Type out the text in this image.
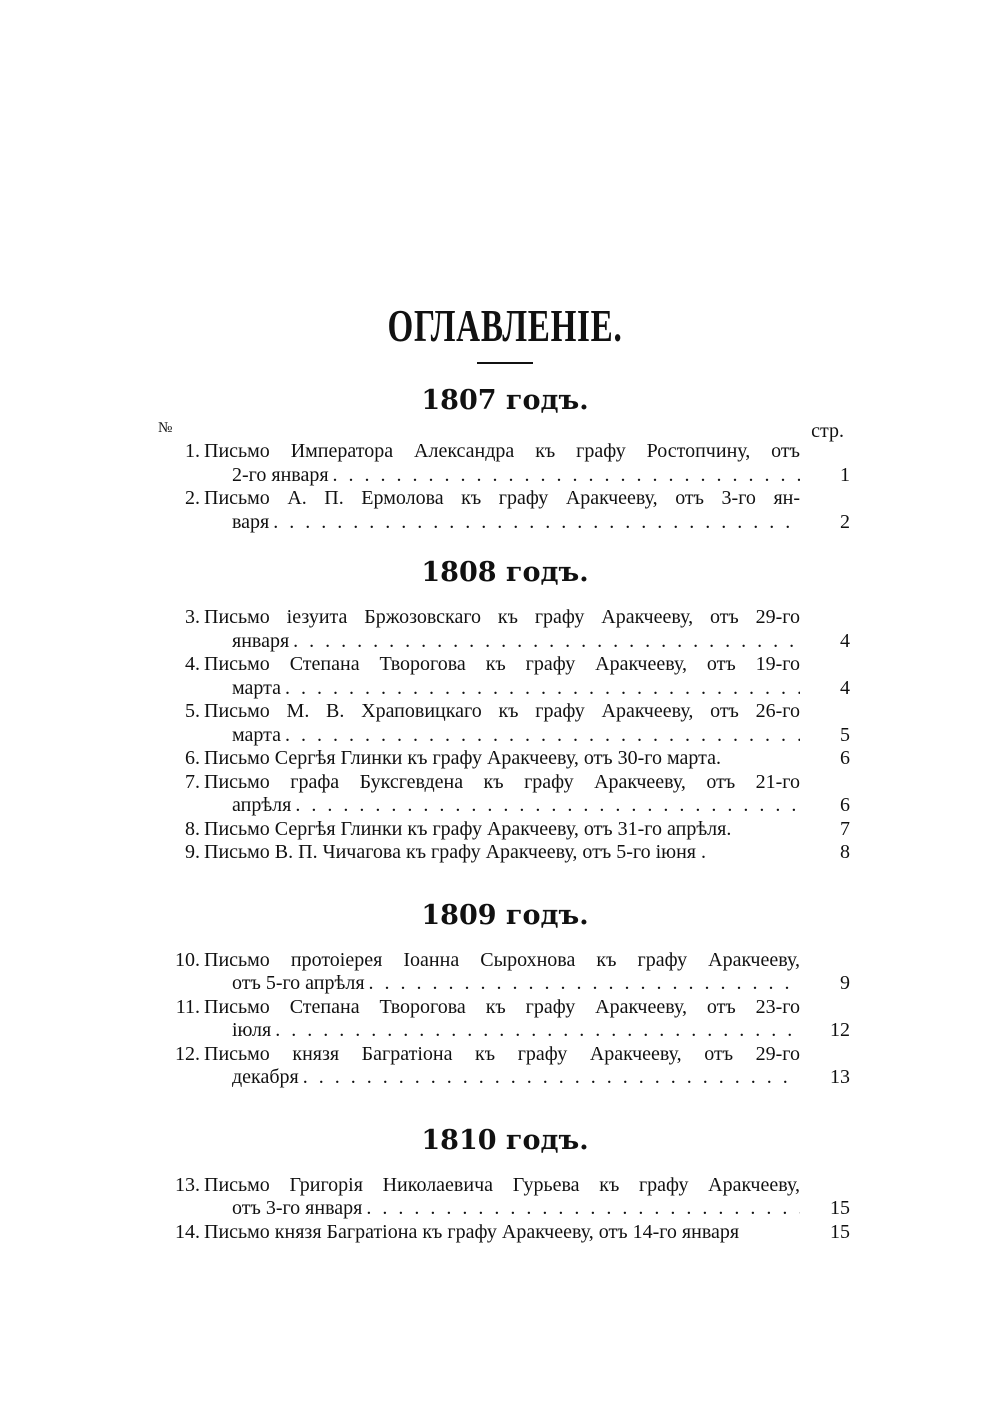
ОГЛАВЛЕНІЕ.
1807 годъ.
№	стр.
1. Письмо Императора Александра къ графу Ростопчину, отъ
2-го января . . .	1
2. Письмо А. П. Ермолова къ графу Аракчееву, отъ 3-го ян-
варя . . .	2
1808 годъ.
3. Письмо іезуита Бржозовскаго къ графу Аракчееву, отъ 29-го
января . . .	4
4. Письмо Степана Творогова къ графу Аракчееву, отъ 19-го
марта . . .	4
5. Письмо М. В. Храповицкаго къ графу Аракчееву, отъ 26-го
марта . . .	5
6. Письмо Сергѣя Глинки къ графу Аракчееву, отъ 30-го марта.	6
7. Письмо графа Буксгевдена къ графу Аракчееву, отъ 21-го
апрѣля . . .	6
8. Письмо Сергѣя Глинки къ графу Аракчееву, отъ 31-го апрѣля.	7
9. Письмо В. П. Чичагова къ графу Аракчееву, отъ 5-го іюня .	8
1809 годъ.
10. Письмо протоіерея Іоанна Сырохнова къ графу Аракчееву,
отъ 5-го апрѣля . . .	9
11. Письмо Степана Творогова къ графу Аракчееву, отъ 23-го
іюля . . .	12
12. Письмо князя Багратіона къ графу Аракчееву, отъ 29-го
декабря . . .	13
1810 годъ.
13. Письмо Григорія Николаевича Гурьева къ графу Аракчееву,
отъ 3-го января . . .	15
14. Письмо князя Багратіона къ графу Аракчееву, отъ 14-го января	15
